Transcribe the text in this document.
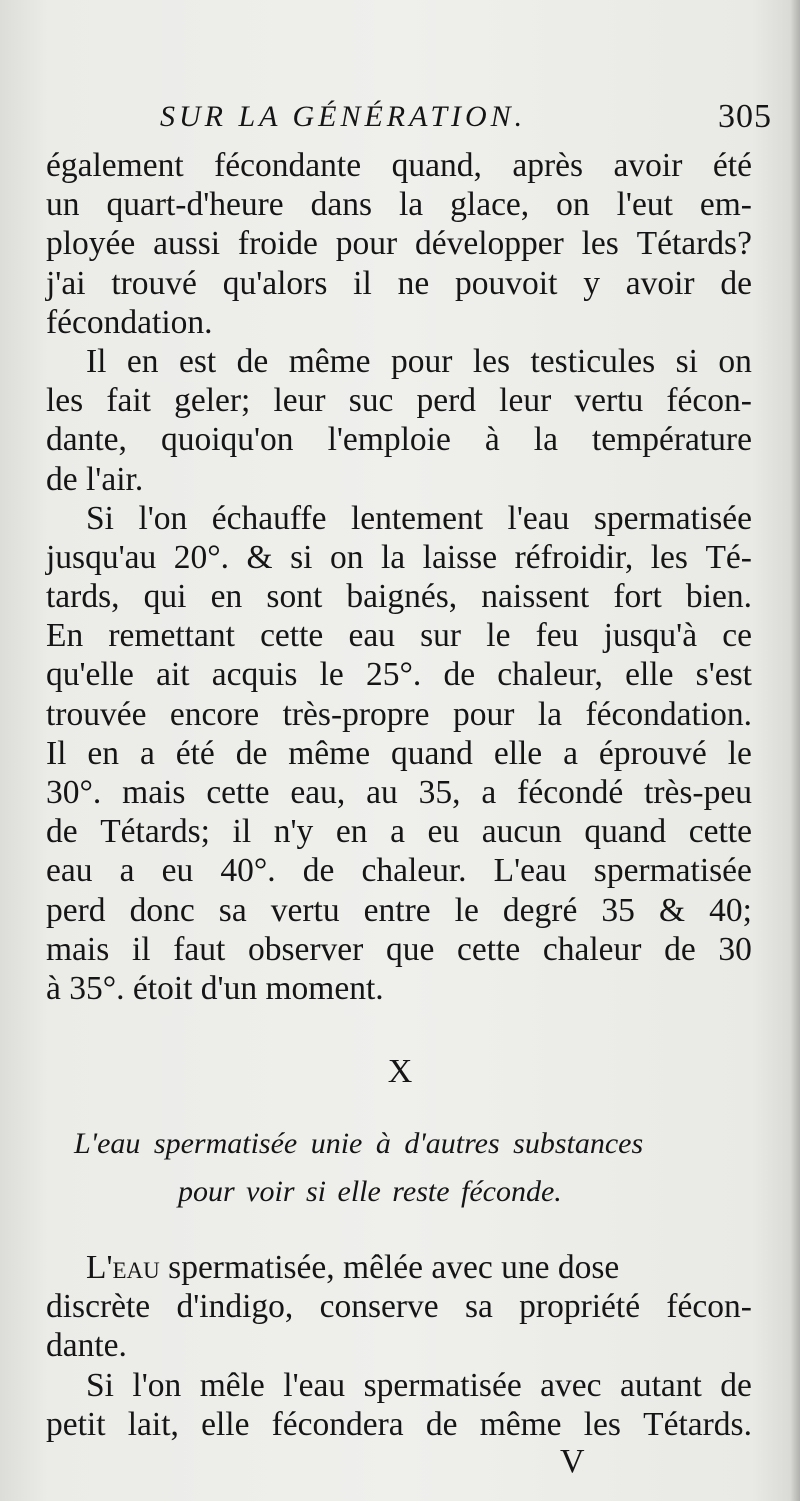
SUR LA GÉNÉRATION.	305
également fécondante quand, après avoir été
un quart-d'heure dans la glace, on l'eut em-
ployée aussi froide pour développer les Tétards?
j'ai trouvé qu'alors il ne pouvoit y avoir de
fécondation.
Il en est de même pour les testicules si on
les fait geler; leur suc perd leur vertu fécon-
dante, quoiqu'on l'emploie à la température
de l'air.
Si l'on échauffe lentement l'eau spermatisée
jusqu'au 20°. & si on la laisse réfroidir, les Té-
tards, qui en sont baignés, naissent fort bien.
En remettant cette eau sur le feu jusqu'à ce
qu'elle ait acquis le 25°. de chaleur, elle s'est
trouvée encore très-propre pour la fécondation.
Il en a été de même quand elle a éprouvé le
30°. mais cette eau, au 35, a fécondé très-peu
de Tétards; il n'y en a eu aucun quand cette
eau a eu 40°. de chaleur. L'eau spermatisée
perd donc sa vertu entre le degré 35 & 40;
mais il faut observer que cette chaleur de 30
à 35°. étoit d'un moment.
X
L'eau spermatisée unie à d'autres substances
pour voir si elle reste féconde.
L'eau spermatisée, mêlée avec une dose
discrète d'indigo, conserve sa propriété fécon-
dante.
Si l'on mêle l'eau spermatisée avec autant de
petit lait, elle fécondera de même les Tétards.
V
